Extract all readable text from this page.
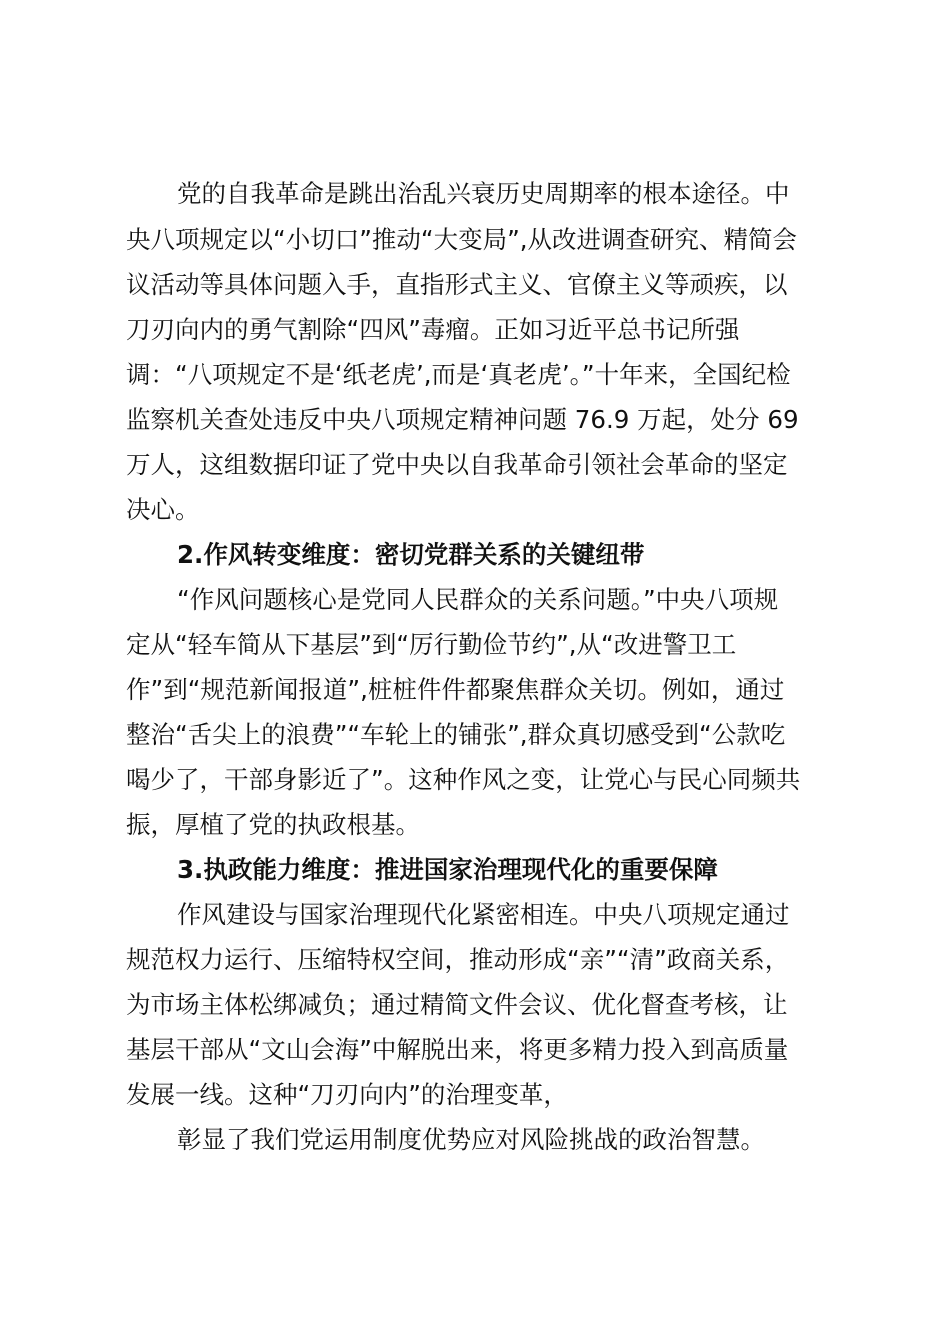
党的自我革命是跳出治乱兴衰历史周期率的根本途径。中
央八项规定以“小切口”推动“大变局”,从改进调查研究、精简会
议活动等具体问题入手，直指形式主义、官僚主义等顽疾，以
刀刃向内的勇气割除“四风”毒瘤。正如习近平总书记所强
调：“八项规定不是‘纸老虎’,而是‘真老虎’。”十年来，全国纪检
监察机关查处违反中央八项规定精神问题 76.9 万起，处分 69
万人，这组数据印证了党中央以自我革命引领社会革命的坚定
决心。
2.作风转变维度：密切党群关系的关键纽带
“作风问题核心是党同人民群众的关系问题。”中央八项规
定从“轻车简从下基层”到“厉行勤俭节约”,从“改进警卫工
作”到“规范新闻报道”,桩桩件件都聚焦群众关切。例如，通过
整治“舌尖上的浪费”“车轮上的铺张”,群众真切感受到“公款吃
喝少了，干部身影近了”。这种作风之变，让党心与民心同频共
振，厚植了党的执政根基。
3.执政能力维度：推进国家治理现代化的重要保障
作风建设与国家治理现代化紧密相连。中央八项规定通过
规范权力运行、压缩特权空间，推动形成“亲”“清”政商关系，
为市场主体松绑减负；通过精简文件会议、优化督查考核，让
基层干部从“文山会海”中解脱出来，将更多精力投入到高质量
发展一线。这种“刀刃向内”的治理变革，
彰显了我们党运用制度优势应对风险挑战的政治智慧。
